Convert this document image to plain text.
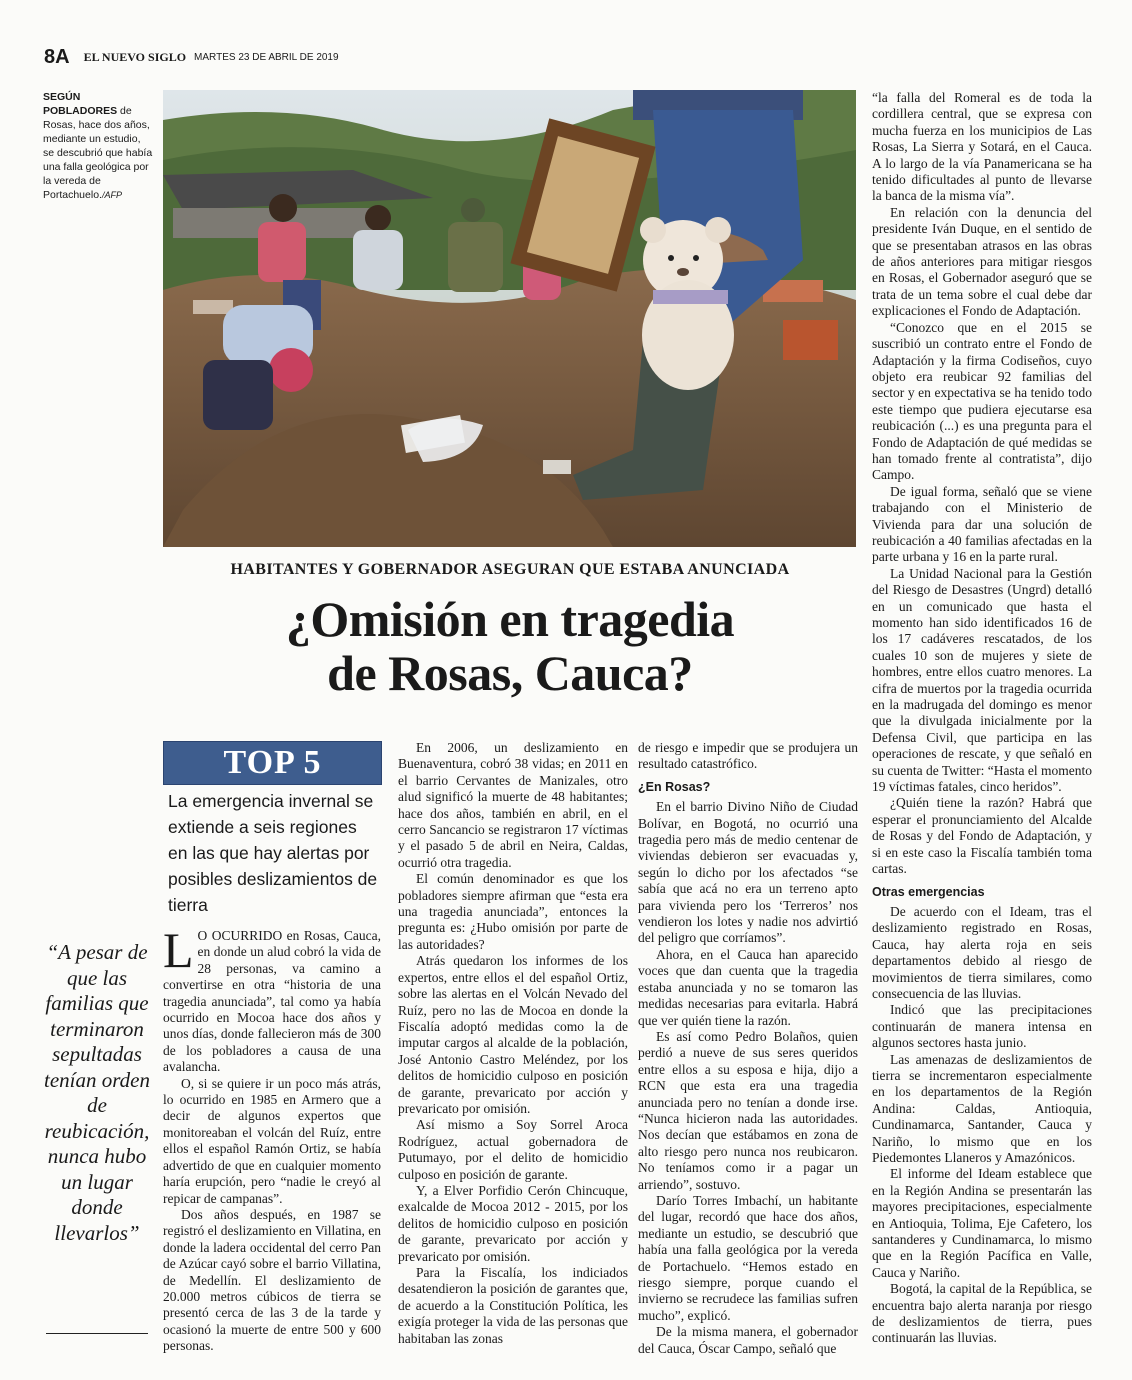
8A EL NUEVO SIGLO MARTES 23 DE ABRIL DE 2019
SEGÚN POBLADORES de Rosas, hace dos años, mediante un estudio, se descubrió que había una falla geológica por la vereda de Portachuelo./AFP

“la falla del Romeral es de toda la cordillera central, que se expresa con mucha fuerza en los municipios de Las Rosas, La Sierra y Sotará, en el Cauca. A lo largo de la vía Panamericana se ha tenido dificultades al punto de llevarse la banca de la misma vía”.

En relación con la denuncia del presidente Iván Duque, en el sentido de que se presentaban atrasos en las obras de años anteriores para mitigar riesgos en Rosas, el Gobernador aseguró que se trata de un tema sobre el cual debe dar explicaciones el Fondo de Adaptación.

“Conozco que en el 2015 se suscribió un contrato entre el Fondo de Adaptación y la firma Codiseños, cuyo objeto era reubicar 92 familias del sector y en expectativa se ha tenido todo este tiempo que pudiera ejecutarse esa reubicación (...) es una pregunta para el Fondo de Adaptación de qué medidas se han tomado frente al contratista”, dijo Campo.

De igual forma, señaló que se viene trabajando con el Ministerio de Vivienda para dar una solución de reubicación a 40 familias afectadas en la parte urbana y 16 en la parte rural.

La Unidad Nacional para la Gestión del Riesgo de Desastres (Ungrd) detalló en un comunicado que hasta el momento han sido identificados 16 de los 17 cadáveres rescatados, de los cuales 10 son de mujeres y siete de hombres, entre ellos cuatro menores. La cifra de muertos por la tragedia ocurrida en la madrugada del domingo es menor que la divulgada inicialmente por la Defensa Civil, que participa en las operaciones de rescate, y que señaló en su cuenta de Twitter: “Hasta el momento 19 víctimas fatales, cinco heridos”.

¿Quién tiene la razón? Habrá que esperar el pronunciamiento del Alcalde de Rosas y del Fondo de Adaptación, y si en este caso la Fiscalía también toma cartas.

Otras emergencias

De acuerdo con el Ideam, tras el deslizamiento registrado en Rosas, Cauca, hay alerta roja en seis departamentos debido al riesgo de movimientos de tierra similares, como consecuencia de las lluvias.

Indicó que las precipitaciones continuarán de manera intensa en algunos sectores hasta junio.

Las amenazas de deslizamientos de tierra se incrementaron especialmente en los departamentos de la Región Andina: Caldas, Antioquia, Cundinamarca, Santander, Cauca y Nariño, lo mismo que en los Piedemontes Llaneros y Amazónicos.

El informe del Ideam establece que en la Región Andina se presentarán las mayores precipitaciones, especialmente en Antioquia, Tolima, Eje Cafetero, los santanderes y Cundinamarca, lo mismo que en la Región Pacífica en Valle, Cauca y Nariño.

Bogotá, la capital de la República, se encuentra bajo alerta naranja por riesgo de deslizamientos de tierra, pues continuarán las lluvias.

HABITANTES Y GOBERNADOR ASEGURAN QUE ESTABA ANUNCIADA
¿Omisión en tragedia
de Rosas, Cauca?
TOP 5
La emergencia invernal se extiende a seis regiones en las que hay alertas por posibles deslizamientos de tierra
“A pesar de que las familias que terminaron sepultadas tenían orden de reubicación, nunca hubo un lugar donde llevarlos”

L O OCURRIDO en Rosas, Cauca, en donde un alud cobró la vida de 28 personas, va camino a convertirse en otra “historia de una tragedia anunciada”, tal como ya había ocurrido en Mocoa hace dos años y unos días, donde fallecieron más de 300 de los pobladores a causa de una avalancha.

O, si se quiere ir un poco más atrás, lo ocurrido en 1985 en Armero que a decir de algunos expertos que monitoreaban el volcán del Ruíz, entre ellos el español Ramón Ortiz, se había advertido de que en cualquier momento haría erupción, pero “nadie le creyó al repicar de campanas”.

Dos años después, en 1987 se registró el deslizamiento en Villatina, en donde la ladera occidental del cerro Pan de Azúcar cayó sobre el barrio Villatina, de Medellín. El deslizamiento de 20.000 metros cúbicos de tierra se presentó cerca de las 3 de la tarde y ocasionó la muerte de entre 500 y 600 personas.

En 2006, un deslizamiento en Buenaventura, cobró 38 vidas; en 2011 en el barrio Cervantes de Manizales, otro alud significó la muerte de 48 habitantes; hace dos años, también en abril, en el cerro Sancancio se registraron 17 víctimas y el pasado 5 de abril en Neira, Caldas, ocurrió otra tragedia.

El común denominador es que los pobladores siempre afirman que “esta era una tragedia anunciada”, entonces la pregunta es: ¿Hubo omisión por parte de las autoridades?

Atrás quedaron los informes de los expertos, entre ellos el del español Ortiz, sobre las alertas en el Volcán Nevado del Ruíz, pero no las de Mocoa en donde la Fiscalía adoptó medidas como la de imputar cargos al alcalde de la población, José Antonio Castro Meléndez, por los delitos de homicidio culposo en posición de garante, prevaricato por acción y prevaricato por omisión.

Así mismo a Soy Sorrel Aroca Rodríguez, actual gobernadora de Putumayo, por el delito de homicidio culposo en posición de garante.

Y, a Elver Porfidio Cerón Chincuque, exalcalde de Mocoa 2012 - 2015, por los delitos de homicidio culposo en posición de garante, prevaricato por acción y prevaricato por omisión.

Para la Fiscalía, los indiciados desatendieron la posición de garantes que, de acuerdo a la Constitución Política, les exigía proteger la vida de las personas que habitaban las zonas

de riesgo e impedir que se produjera un resultado catastrófico.

¿En Rosas?

En el barrio Divino Niño de Ciudad Bolívar, en Bogotá, no ocurrió una tragedia pero más de medio centenar de viviendas debieron ser evacuadas y, según lo dicho por los afectados “se sabía que acá no era un terreno apto para vivienda pero los ‘Terreros’ nos vendieron los lotes y nadie nos advirtió del peligro que corríamos”.

Ahora, en el Cauca han aparecido voces que dan cuenta que la tragedia estaba anunciada y no se tomaron las medidas necesarias para evitarla. Habrá que ver quién tiene la razón.

Es así como Pedro Bolaños, quien perdió a nueve de sus seres queridos entre ellos a su esposa e hija, dijo a RCN que esta era una tragedia anunciada pero no tenían a donde irse. “Nunca hicieron nada las autoridades. Nos decían que estábamos en zona de alto riesgo pero nunca nos reubicaron. No teníamos como ir a pagar un arriendo”, sostuvo.

Darío Torres Imbachí, un habitante del lugar, recordó que hace dos años, mediante un estudio, se descubrió que había una falla geológica por la vereda de Portachuelo. “Hemos estado en riesgo siempre, porque cuando el invierno se recrudece las familias sufren mucho”, explicó.

De la misma manera, el gobernador del Cauca, Óscar Campo, señaló que
